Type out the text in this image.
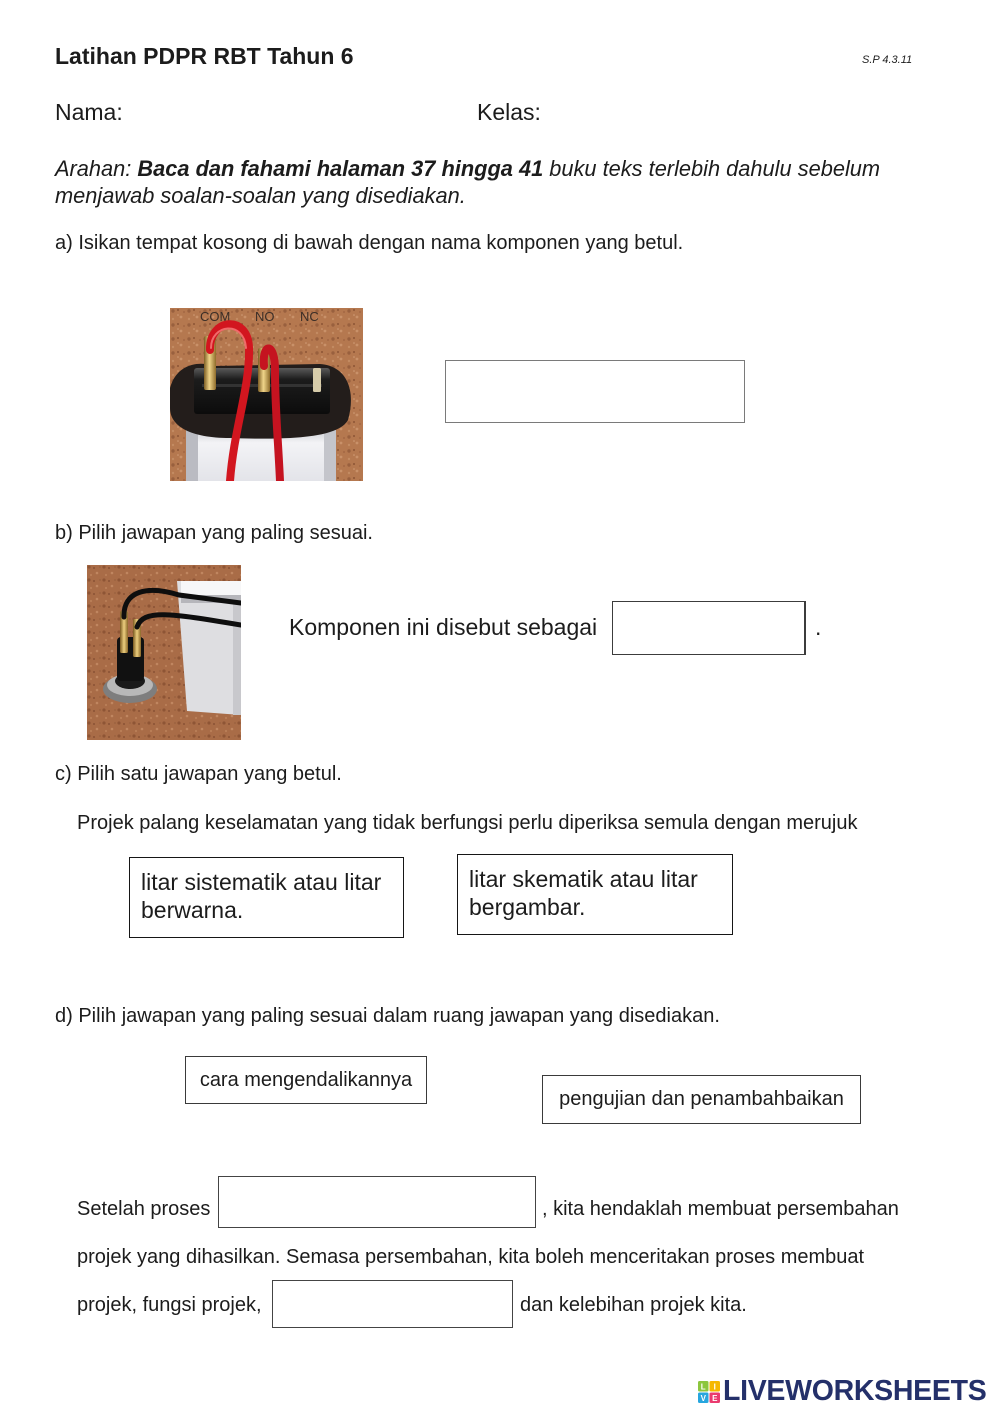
Latihan PDPR RBT Tahun 6	S.P 4.3.11
Nama:	Kelas:

Arahan: Baca dan fahami halaman 37 hingga 41 buku teks terlebih dahulu sebelum
menjawab soalan-soalan yang disediakan.

a) Isikan tempat kosong di bawah dengan nama komponen yang betul.
COM NO NC
b) Pilih jawapan yang paling sesuai.
Komponen ini disebut sebagai	.
c) Pilih satu jawapan yang betul.
Projek palang keselamatan yang tidak berfungsi perlu diperiksa semula dengan merujuk
litar sistematik atau litar berwarna.
litar skematik atau litar bergambar.
d) Pilih jawapan yang paling sesuai dalam ruang jawapan yang disediakan.
cara mengendalikannya
pengujian dan penambahbaikan
Setelah proses	, kita hendaklah membuat persembahan
projek yang dihasilkan. Semasa persembahan, kita boleh menceritakan proses membuat
projek, fungsi projek,	dan kelebihan projek kita.
L I
V E LIVEWORKSHEETS
